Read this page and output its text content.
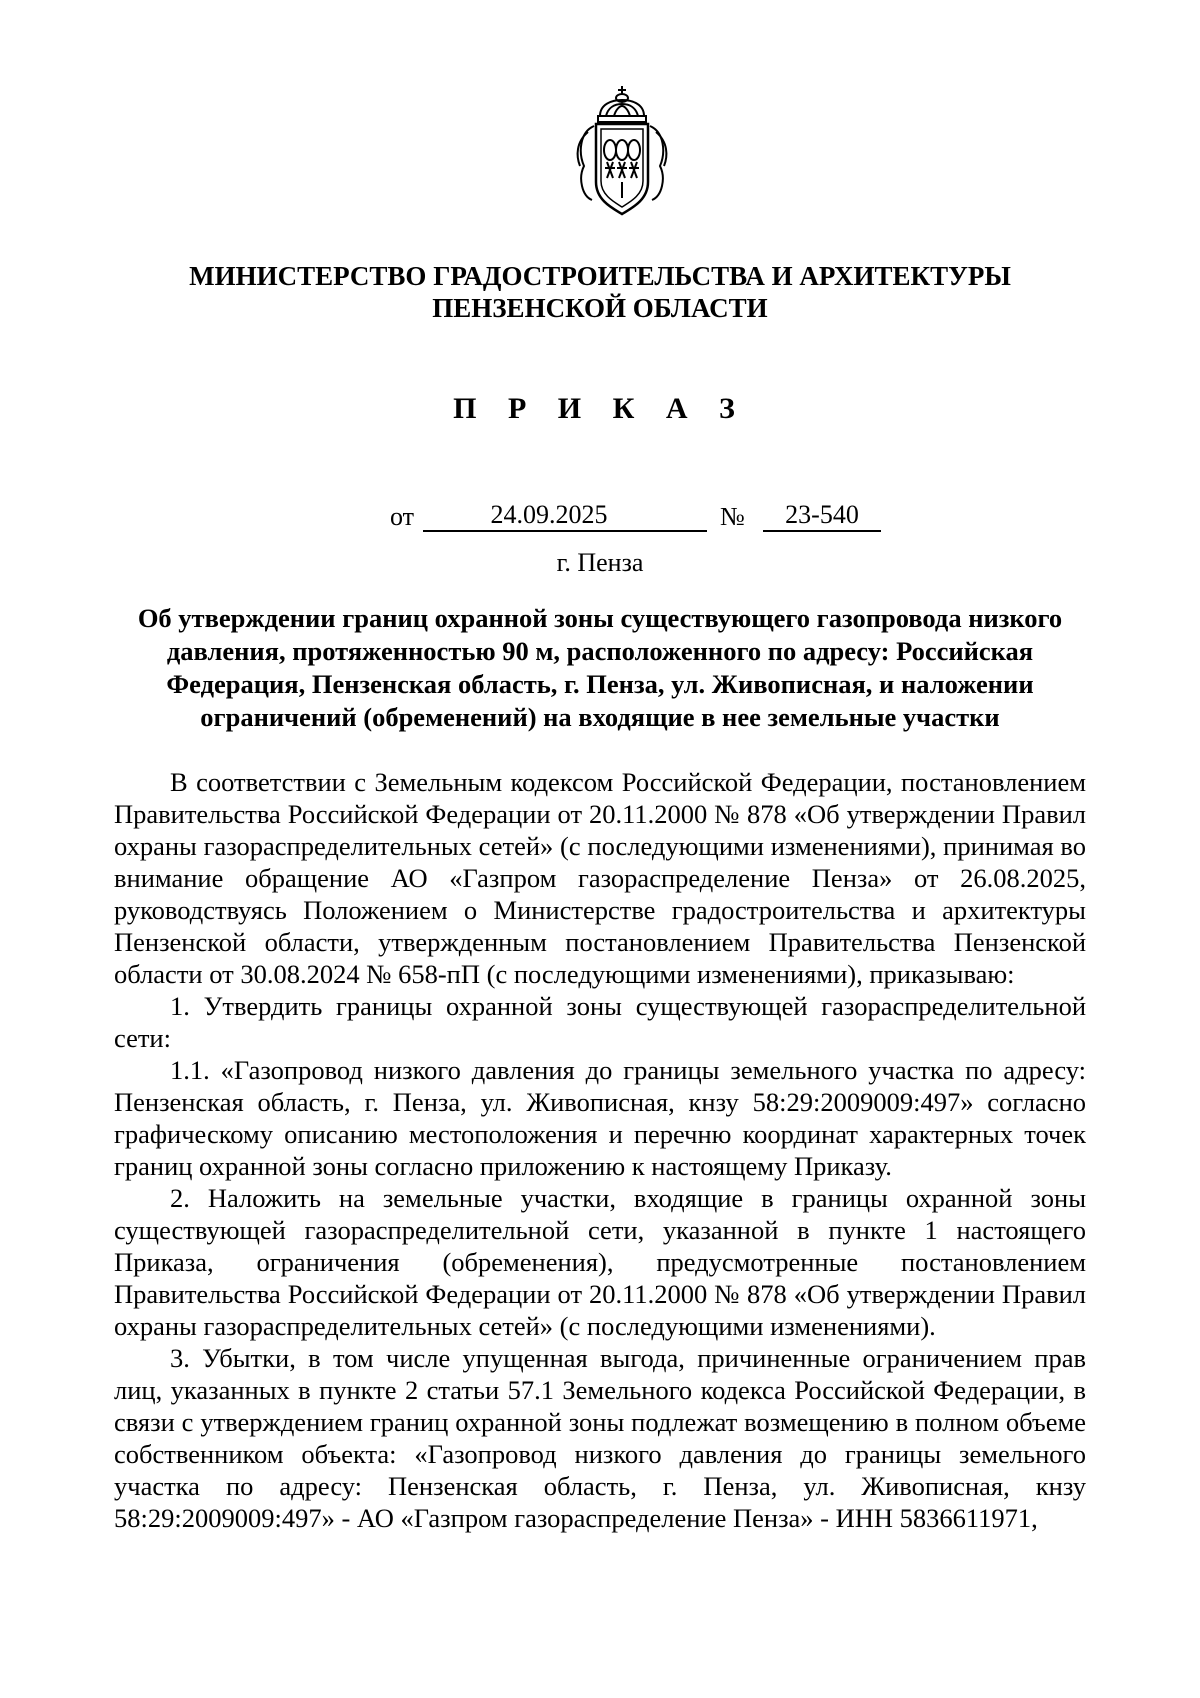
МИНИСТЕРСТВО ГРАДОСТРОИТЕЛЬСТВА И АРХИТЕКТУРЫ
ПЕНЗЕНСКОЙ ОБЛАСТИ
П Р И К А З
от	24.09.2025	№	23-540
г. Пенза
Об утверждении границ охранной зоны существующего газопровода низкого
давления, протяженностью 90 м, расположенного по адресу: Российская
Федерация, Пензенская область, г. Пенза, ул. Живописная, и наложении
ограничений (обременений) на входящие в нее земельные участки

В соответствии с Земельным кодексом Российской Федерации, постановлением Правительства Российской Федерации от 20.11.2000 № 878 «Об утверждении Правил охраны газораспределительных сетей» (с последующими изменениями), принимая во внимание обращение АО «Газпром газораспределение Пенза» от 26.08.2025, руководствуясь Положением о Министерстве градостроительства и архитектуры Пензенской области, утвержденным постановлением Правительства Пензенской области от 30.08.2024 № 658-пП (с последующими изменениями), приказываю:

1. Утвердить границы охранной зоны существующей газораспределительной сети:

1.1. «Газопровод низкого давления до границы земельного участка по адресу: Пензенская область, г. Пенза, ул. Живописная, кнзу 58:29:2009009:497» согласно графическому описанию местоположения и перечню координат характерных точек границ охранной зоны согласно приложению к настоящему Приказу.

2. Наложить на земельные участки, входящие в границы охранной зоны существующей газораспределительной сети, указанной в пункте 1 настоящего Приказа, ограничения (обременения), предусмотренные постановлением Правительства Российской Федерации от 20.11.2000 № 878 «Об утверждении Правил охраны газораспределительных сетей» (с последующими изменениями).

3. Убытки, в том числе упущенная выгода, причиненные ограничением прав лиц, указанных в пункте 2 статьи 57.1 Земельного кодекса Российской Федерации, в связи с утверждением границ охранной зоны подлежат возмещению в полном объеме собственником объекта: «Газопровод низкого давления до границы земельного участка по адресу: Пензенская область, г. Пенза, ул. Живописная, кнзу 58:29:2009009:497» - АО «Газпром газораспределение Пенза» - ИНН 5836611971,
